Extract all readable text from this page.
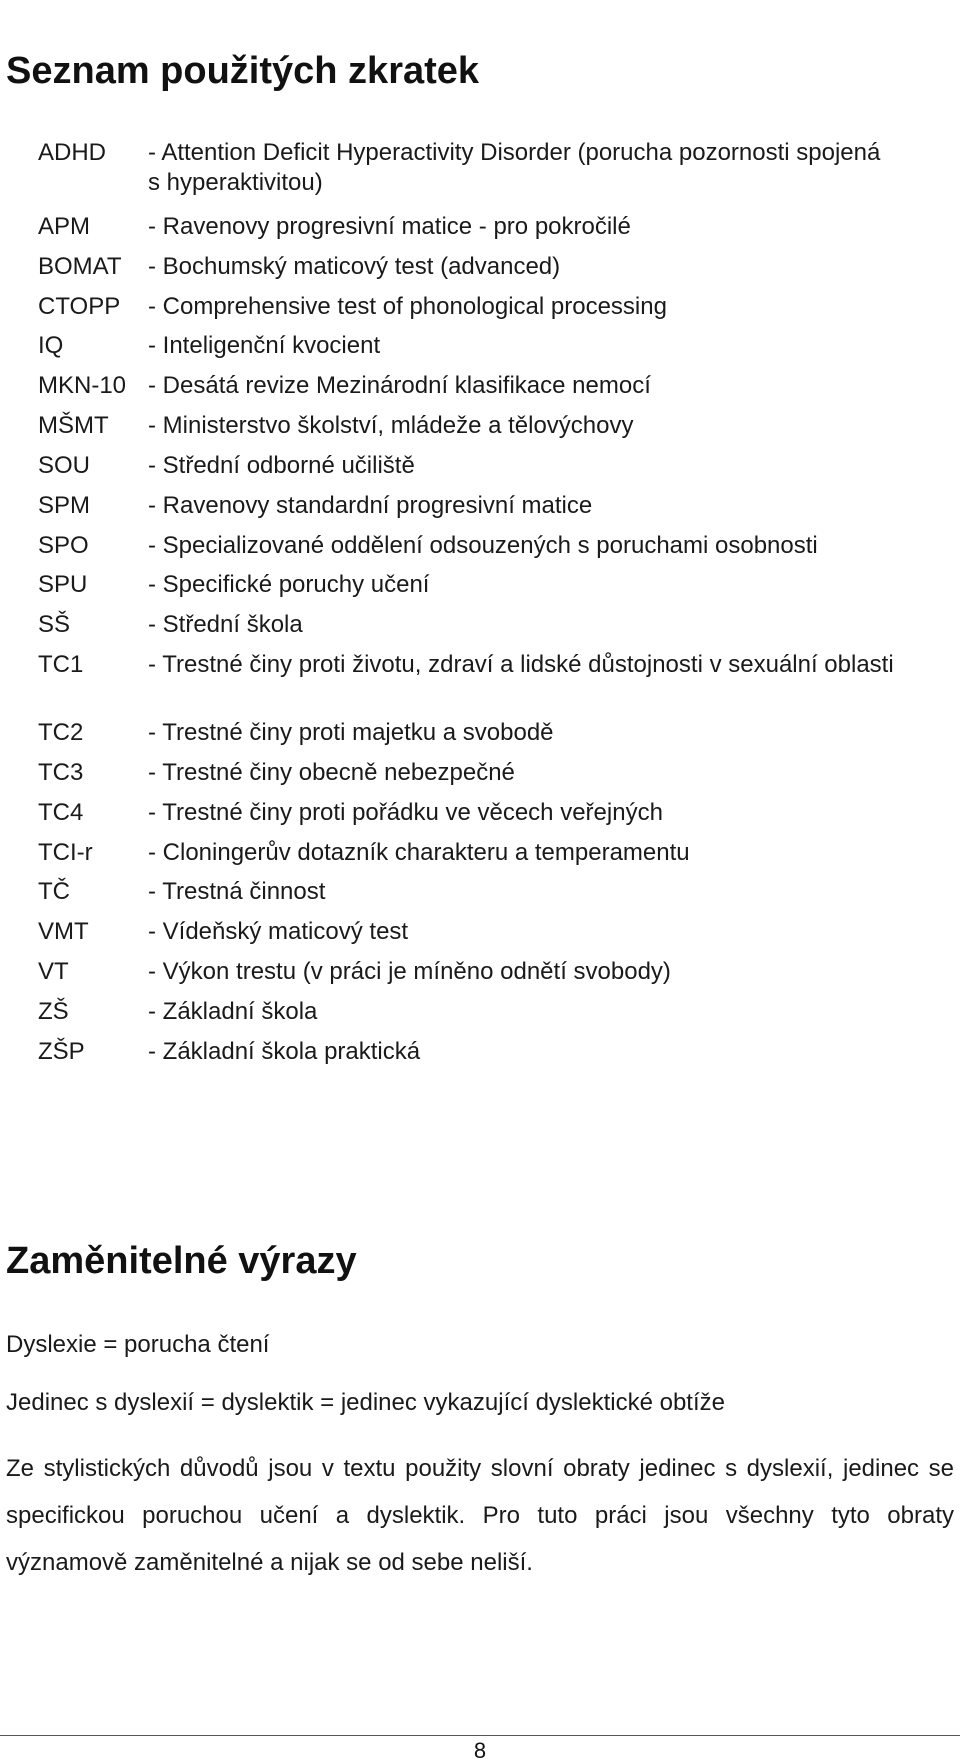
Seznam použitých zkratek
ADHD - Attention Deficit Hyperactivity Disorder (porucha pozornosti spojená s hyperaktivitou)
APM - Ravenovy progresivní matice - pro pokročilé
BOMAT - Bochumský maticový test (advanced)
CTOPP - Comprehensive test of phonological processing
IQ	- Inteligenční kvocient
MKN-10 - Desátá revize Mezinárodní klasifikace nemocí
MŠMT - Ministerstvo školství, mládeže a tělovýchovy
SOU - Střední odborné učiliště
SPM - Ravenovy standardní progresivní matice
SPO - Specializované oddělení odsouzených s poruchami osobnosti
SPU	- Specifické poruchy učení
SŠ	- Střední škola
TC1	- Trestné činy proti životu, zdraví a lidské důstojnosti v sexuální oblasti
TC2	- Trestné činy proti majetku a svobodě
TC3	- Trestné činy obecně nebezpečné
TC4	- Trestné činy proti pořádku ve věcech veřejných
TCI-r - Cloningerův dotazník charakteru a temperamentu
TČ	- Trestná činnost
VMT - Vídeňský maticový test
VT	- Výkon trestu (v práci je míněno odnětí svobody)
ZŠ	- Základní škola
ZŠP	- Základní škola praktická
Zaměnitelné výrazy
Dyslexie = porucha čtení
Jedinec s dyslexií = dyslektik = jedinec vykazující dyslektické obtíže
Ze stylistických důvodů jsou v textu použity slovní obraty jedinec s dyslexií, jedinec se specifickou poruchou učení a dyslektik. Pro tuto práci jsou všechny tyto obraty významově zaměnitelné a nijak se od sebe neliší.
8
